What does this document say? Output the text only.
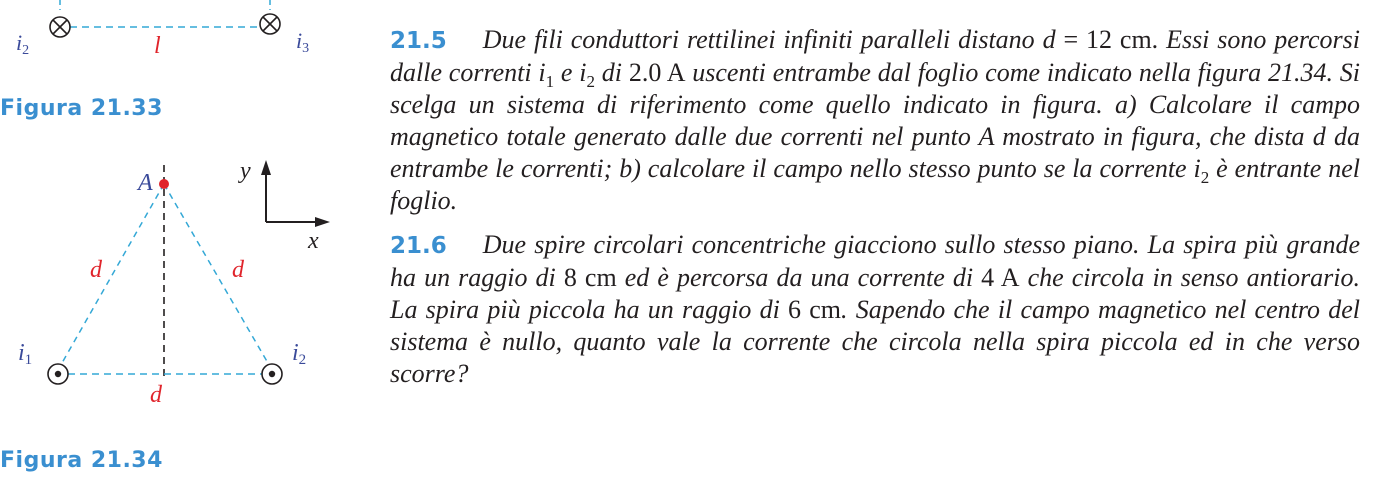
i2	i3
l
A
d	d
d
i1	i2
y
x
Figura 21.33
Figura 21.34

21.5 Due fili conduttori rettilinei infiniti paralleli distano d = 12 cm. Essi sono percorsi dalle correnti $i_1$ e $i_2$ di 2.0 A uscenti entrambe dal foglio come indicato nella figura 21.34. Si scelga un sistema di riferimento come quello indicato in figura. a) Calcolare il campo magnetico totale generato dalle due correnti nel punto A mostrato in figura, che dista d da entrambe le correnti; b) calcolare il campo nello stesso punto se la corrente $i_2$ è entrante nel foglio.

21.6 Due spire circolari concentriche giacciono sullo stesso piano. La spira più grande ha un raggio di 8 cm ed è percorsa da una corrente di 4 A che circola in senso antiorario. La spira più piccola ha un raggio di 6 cm. Sapendo che il campo magnetico nel centro del sistema è nullo, quanto vale la corrente che circola nella spira piccola ed in che verso scorre?
